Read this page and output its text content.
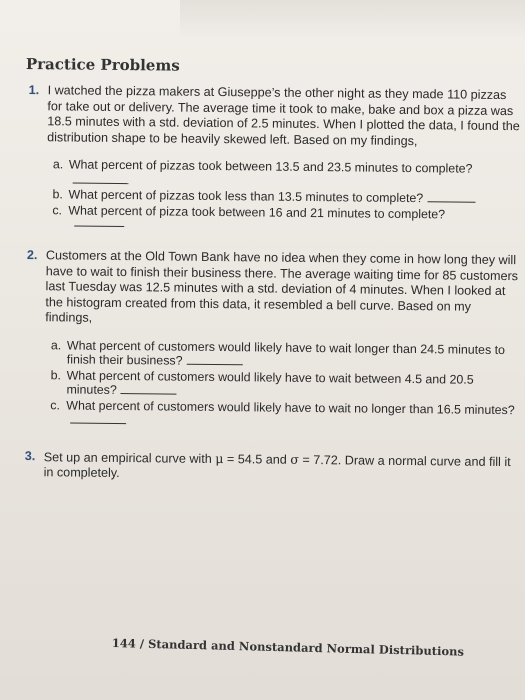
Practice Problems
1. I watched the pizza makers at Giuseppe’s the other night as they made 110 pizzas for take out or delivery. The average time it took to make, bake and box a pizza was 18.5 minutes with a std. deviation of 2.5 minutes. When I plotted the data, I found the distribution shape to be heavily skewed left. Based on my findings,

a. What percent of pizzas took between 13.5 and 23.5 minutes to complete?
b. What percent of pizzas took less than 13.5 minutes to complete?
c. What percent of pizza took between 16 and 21 minutes to complete?
2. Customers at the Old Town Bank have no idea when they come in how long they will have to wait to finish their business there. The average waiting time for 85 customers last Tuesday was 12.5 minutes with a std. deviation of 4 minutes. When I looked at the histogram created from this data, it resembled a bell curve. Based on my findings,

a. What percent of customers would likely have to wait longer than 24.5 minutes to finish their business?
b. What percent of customers would likely have to wait between 4.5 and 20.5 minutes?
c. What percent of customers would likely have to wait no longer than 16.5 minutes?
3. Set up an empirical curve with μ = 54.5 and σ = 7.72. Draw a normal curve and fill it in completely.

144 / Standard and Nonstandard Normal Distributions
